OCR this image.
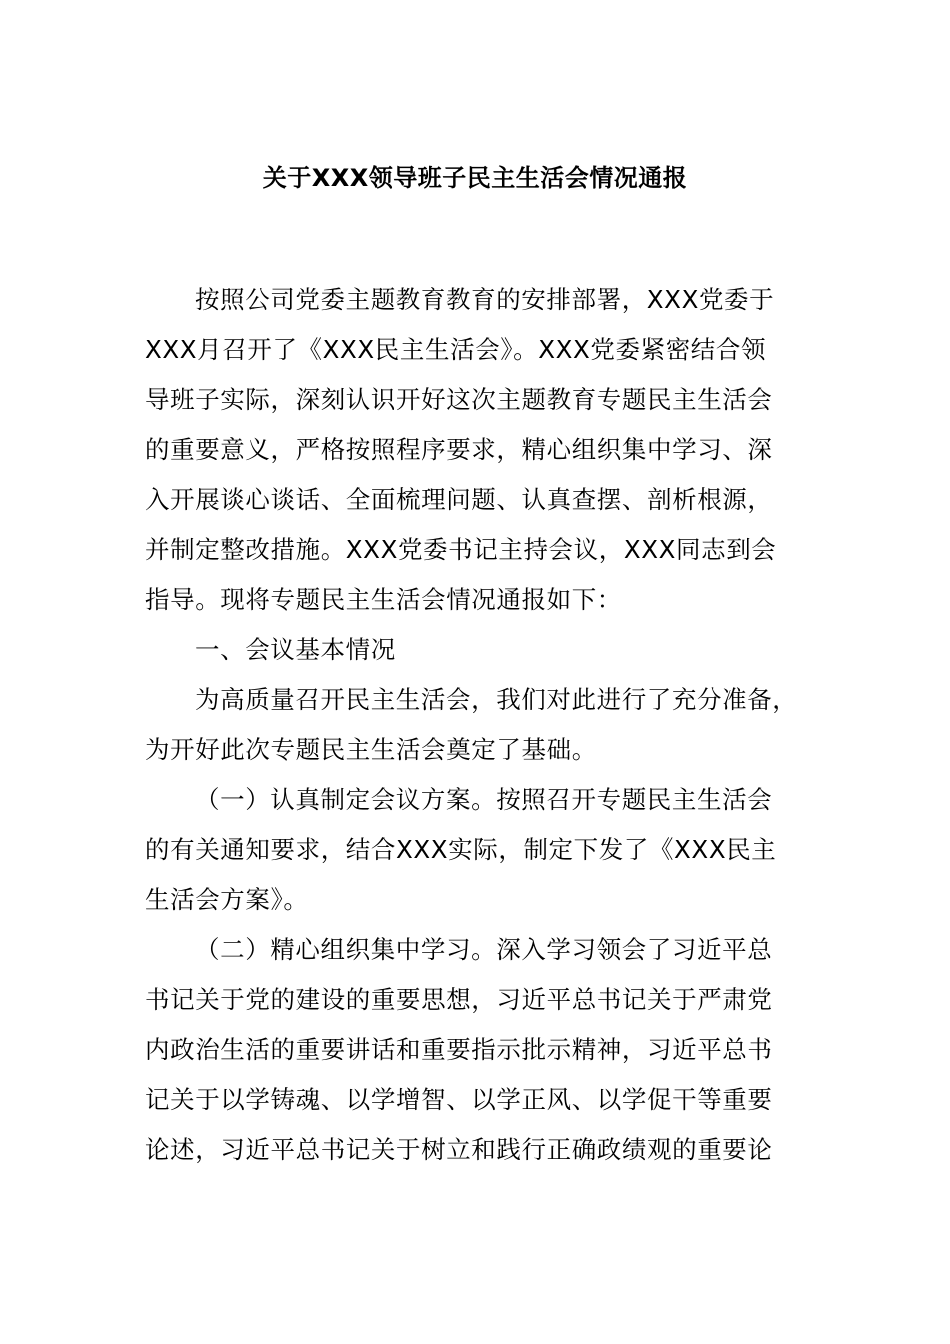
关于XXX领导班子民主生活会情况通报
按照公司党委主题教育教育的安排部署，XXX党委于
XXX月召开了《XXX民主生活会》。XXX党委紧密结合领
导班子实际，深刻认识开好这次主题教育专题民主生活会
的重要意义，严格按照程序要求，精心组织集中学习、深
入开展谈心谈话、全面梳理问题、认真查摆、剖析根源，
并制定整改措施。XXX党委书记主持会议，XXX同志到会
指导。现将专题民主生活会情况通报如下：
一、会议基本情况
为高质量召开民主生活会，我们对此进行了充分准备，
为开好此次专题民主生活会奠定了基础。
（一）认真制定会议方案。按照召开专题民主生活会
的有关通知要求，结合XXX实际，制定下发了《XXX民主
生活会方案》。
（二）精心组织集中学习。深入学习领会了习近平总
书记关于党的建设的重要思想，习近平总书记关于严肃党
内政治生活的重要讲话和重要指示批示精神，习近平总书
记关于以学铸魂、以学增智、以学正风、以学促干等重要
论述，习近平总书记关于树立和践行正确政绩观的重要论
